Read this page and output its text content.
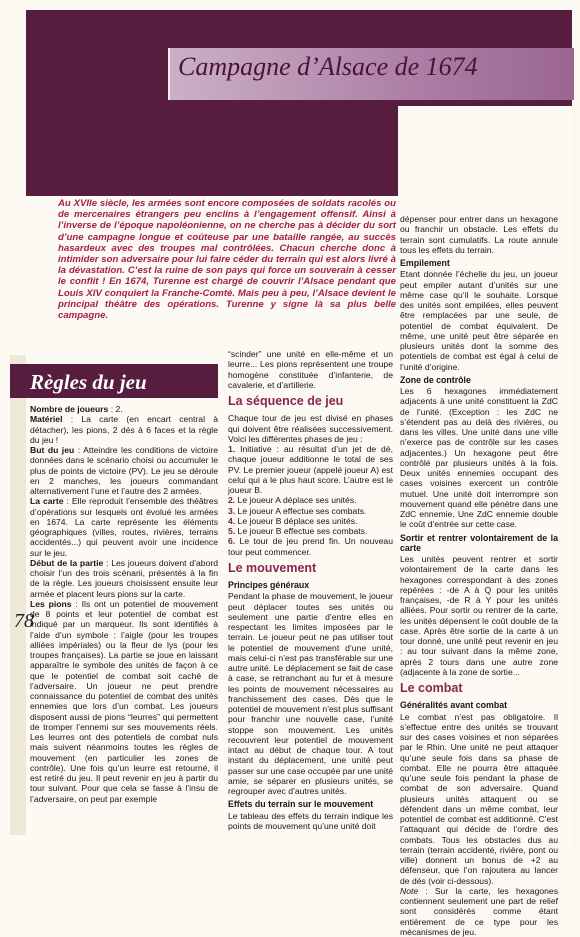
Campagne d’Alsace de 1674

Au XVIIe siècle, les armées sont encore composées de soldats racolés ou de mercenaires étrangers peu enclins à l’engagement offensif. Ainsi à l’inverse de l’époque napoléonienne, on ne cherche pas à décider du sort d’une campagne longue et coûteuse par une bataille rangée, au succès hasardeux avec des troupes mal contrôlées. Chacun cherche donc à intimider son adversaire pour lui faire céder du terrain qui est alors livré à la dévastation. C’est la ruine de son pays qui force un souverain à cesser le conflit ! En 1674, Turenne est chargé de couvrir l’Alsace pendant que Louis XIV conquiert la Franche-Comté. Mais peu à peu, l’Alsace devient le principal théâtre des opérations. Turenne y signe là sa plus belle campagne.

Règles du jeu
78

Nombre de joueurs : 2.

Matériel : La carte (en encart central à détacher), les pions, 2 dés à 6 faces et la règle du jeu !

But du jeu : Atteindre les conditions de victoire données dans le scénario choisi ou accumuler le plus de points de victoire (PV). Le jeu se déroule en 2 manches, les joueurs commandant alternativement l’une et l’autre des 2 armées.

La carte : Elle reproduit l’ensemble des théâtres d’opérations sur lesquels ont évolué les armées en 1674. La carte représente les éléments géographiques (villes, routes, rivières, terrains accidentés...) qui peuvent avoir une incidence sur le jeu.

Début de la partie : Les joueurs doivent d’abord choisir l’un des trois scénarii, présentés à la fin de la règle. Les joueurs choisissent ensuite leur armée et placent leurs pions sur la carte.

Les pions : Ils ont un potentiel de mouvement de 8 points et leur potentiel de combat est indiqué par un marqueur. Ils sont identifiés à l’aide d’un symbole : l’aigle (pour les troupes alliées impériales) ou la fleur de lys (pour les troupes françaises). La partie se joue en laissant apparaître le symbole des unités de façon à ce que le potentiel de combat soit caché de l’adversaire. Un joueur ne peut prendre connaissance du potentiel de combat des unités ennemies que lors d’un combat. Les joueurs disposent aussi de pions “leurres” qui permettent de tromper l’ennemi sur ses mouvements réels. Les leurres ont des potentiels de combat nuls mais suivent néanmoins toutes les règles de mouvement (en particulier les zones de contrôle). Une fois qu’un leurre est retourné, il est retiré du jeu. Il peut revenir en jeu à partir du tour suivant. Pour que cela se fasse à l’insu de l’adversaire, on peut par exemple

“scinder” une unité en elle-même et un leurre... Les pions représentent une troupe homogène constituée d’infanterie, de cavalerie, et d’artillerie.

La séquence de jeu

Chaque tour de jeu est divisé en phases qui doivent être réalisées successivement. Voici les différentes phases de jeu :

1. Initiative : au résultat d’un jet de dé, chaque joueur additionne le total de ses PV. Le premier joueur (appelé joueur A) est celui qui a le plus haut score. L’autre est le joueur B.

2. Le joueur A déplace ses unités.

3. Le joueur A effectue ses combats.

4. Le joueur B déplace ses unités.

5. Le joueur B effectue ses combats.

6. Le tour de jeu prend fin. Un nouveau tour peut commencer.

Le mouvement
Principes généraux

Pendant la phase de mouvement, le joueur peut déplacer toutes ses unités ou seulement une partie d’entre elles en respectant les limites imposées par le terrain. Le joueur peut ne pas utiliser tout le potentiel de mouvement d’une unité, mais celui-ci n’est pas transférable sur une autre unité. Le déplacement se fait de case à case, se retranchant au fur et à mesure les points de mouvement nécessaires au franchissement des cases. Dès que le potentiel de mouvement n’est plus suffisant pour franchir une nouvelle case, l’unité stoppe son mouvement. Les unités recouvrent leur potentiel de mouvement intact au début de chaque tour. A tout instant du déplacement, une unité peut passer sur une case occupée par une unité amie, se séparer en plusieurs unités, se regrouper avec d’autres unités.

Effets du terrain sur le mouvement

Le tableau des effets du terrain indique les points de mouvement qu’une unité doit

dépenser pour entrer dans un hexagone ou franchir un obstacle. Les effets du terrain sont cumulatifs. La route annule tous les effets du terrain.

Empilement

Etant donnée l’échelle du jeu, un joueur peut empiler autant d’unités sur une même case qu’il le souhaite. Lorsque des unités sont empilées, elles peuvent être remplacées par une seule, de potentiel de combat équivalent. De même, une unité peut être séparée en plusieurs unités dont la somme des potentiels de combat est égal à celui de l’unité d’origine.

Zone de contrôle

Les 6 hexagones immédiatement adjacents à une unité constituent la ZdC de l’unité. (Exception : les ZdC ne s’étendent pas au delà des rivières, ou dans les villes. Une unité dans une ville n’exerce pas de contrôle sur les cases adjacentes.) Un hexagone peut être contrôlé par plusieurs unités à la fois. Deux unités ennemies occupant des cases voisines exercent un contrôle mutuel. Une unité doit interrompre son mouvement quand elle pénètre dans une ZdC ennemie. Une ZdC ennemie double le coût d’entrée sur cette case.

Sortir et rentrer volontairement de la carte

Les unités peuvent rentrer et sortir volontairement de la carte dans les hexagones correspondant à des zones repérées : -de A à Q pour les unités françaises, -de R à Y pour les unités alliées. Pour sortir ou rentrer de la carte, les unités dépensent le coût double de la case. Après être sortie de la carte à un tour donné, une unité peut revenir en jeu : au tour suivant dans la même zone, après 2 tours dans une autre zone (adjacente à la zone de sortie...

Le combat
Généralités avant combat

Le combat n’est pas obligatoire. Il s’effectue entre des unités se trouvant sur des cases voisines et non séparées par le Rhin. Une unité ne peut attaquer qu’une seule fois dans sa phase de combat. Elle ne pourra être attaquée qu’une seule fois pendant la phase de combat de son adversaire. Quand plusieurs unités attaquent ou se défendent dans un même combat, leur potentiel de combat est additionné. C’est l’attaquant qui décide de l’ordre des combats. Tous les obstacles dus au terrain (terrain accidenté, rivière, pont ou ville) donnent un bonus de +2 au défenseur, que l’on rajoutera au lancer de dés (voir ci-dessous).

Note : Sur la carte, les hexagones contiennent seulement une part de relief sont considérés comme étant entièrement de ce type pour les mécanismes de jeu.
